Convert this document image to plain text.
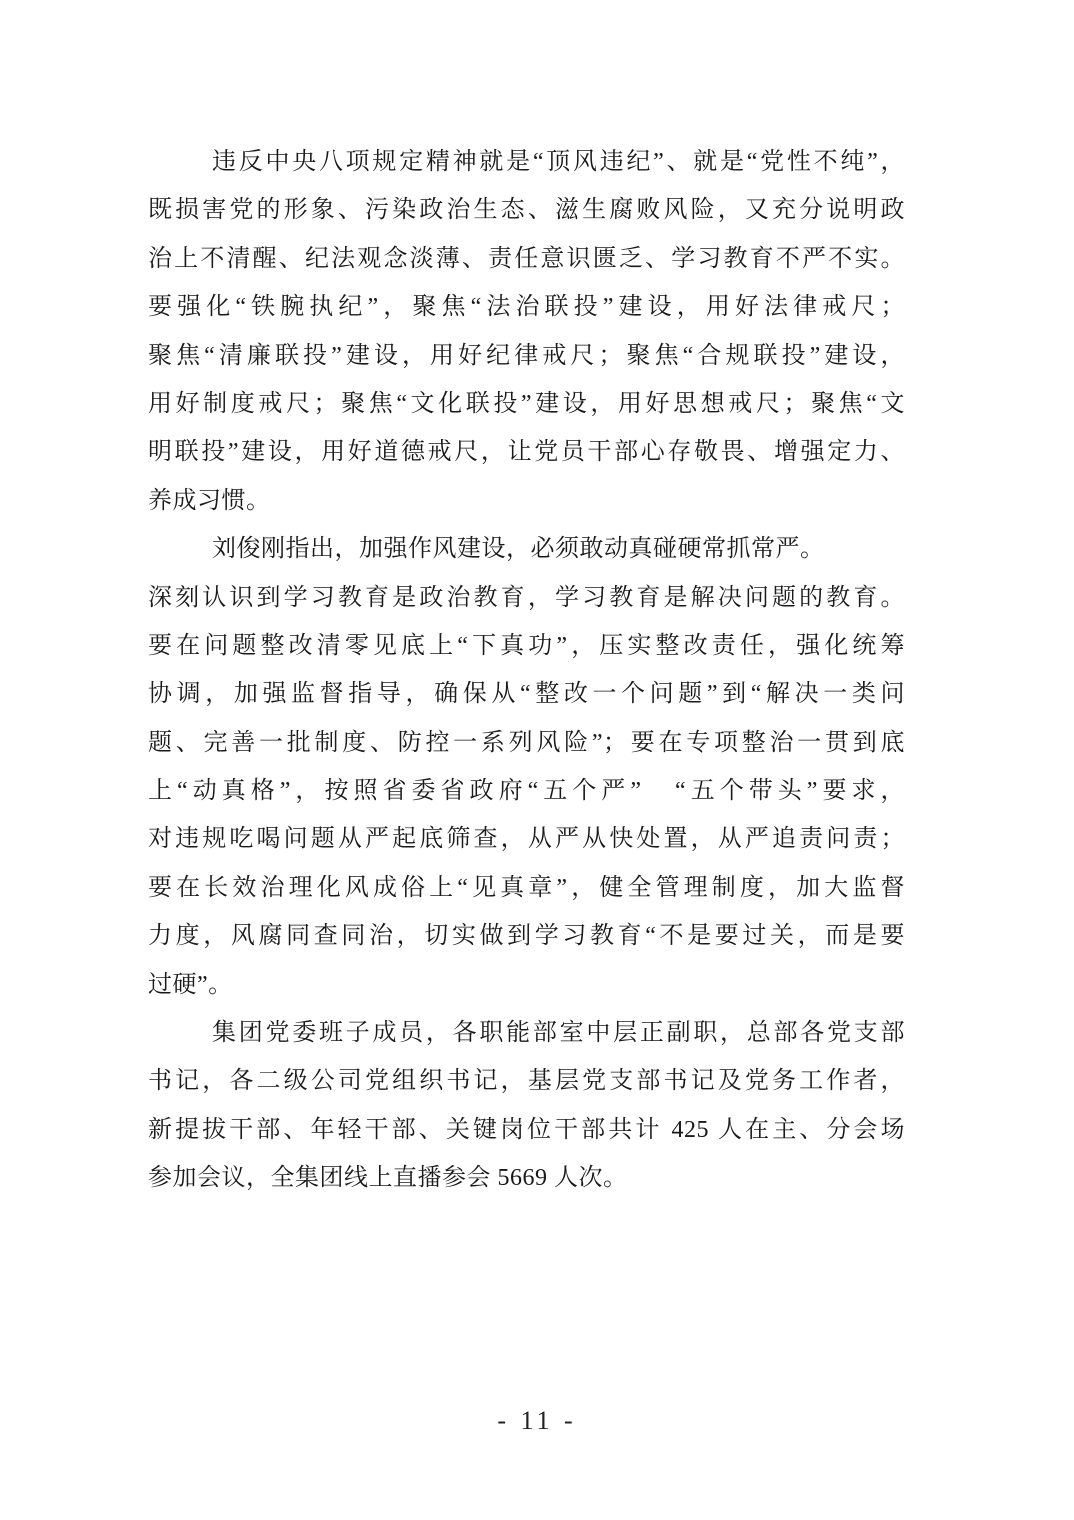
违反中央八项规定精神就是“顶风违纪”、就是“党性不纯”，
既损害党的形象、污染政治生态、滋生腐败风险，又充分说明政
治上不清醒、纪法观念淡薄、责任意识匮乏、学习教育不严不实。
要强化“铁腕执纪”，聚焦“法治联投”建设，用好法律戒尺；
聚焦“清廉联投”建设，用好纪律戒尺；聚焦“合规联投”建设，
用好制度戒尺；聚焦“文化联投”建设，用好思想戒尺；聚焦“文
明联投”建设，用好道德戒尺，让党员干部心存敬畏、增强定力、
养成习惯。
刘俊刚指出，加强作风建设，必须敢动真碰硬常抓常严。
深刻认识到学习教育是政治教育，学习教育是解决问题的教育。
要在问题整改清零见底上“下真功”，压实整改责任，强化统筹
协调，加强监督指导，确保从“整改一个问题”到“解决一类问
题、完善一批制度、防控一系列风险”；要在专项整治一贯到底
上“动真格”，按照省委省政府“五个严”　“五个带头”要求，
对违规吃喝问题从严起底筛查，从严从快处置，从严追责问责；
要在长效治理化风成俗上“见真章”，健全管理制度，加大监督
力度，风腐同查同治，切实做到学习教育“不是要过关，而是要
过硬”。
集团党委班子成员，各职能部室中层正副职，总部各党支部
书记，各二级公司党组织书记，基层党支部书记及党务工作者，
新提拔干部、年轻干部、关键岗位干部共计 425 人在主、分会场
参加会议，全集团线上直播参会 5669 人次。
- 11 -
